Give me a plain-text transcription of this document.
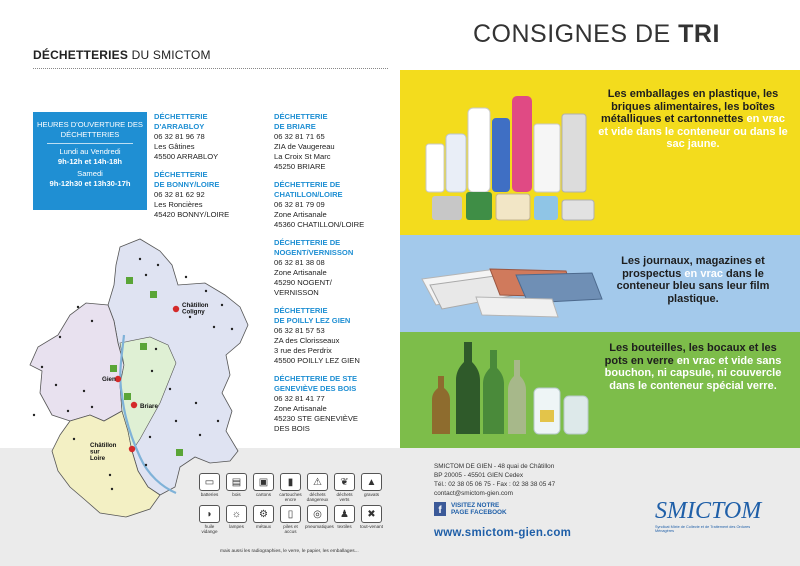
DÉCHETTERIES DU SMICTOM
HEURES D'OUVERTURE DES DÉCHETTERIES
Lundi au Vendredi
9h-12h et 14h-18h
Samedi
9h-12h30 et 13h30-17h
DÉCHETTERIE
D'ARRABLOY
06 32 81 96 78
Les Gâtines
45500 ARRABLOY
DÉCHETTERIE
DE BONNY/LOIRE
06 32 81 62 92
Les Roncières
45420 BONNY/LOIRE
DÉCHETTERIE
DE BRIARE
06 32 81 71 65
ZIA de Vaugereau
La Croix St Marc
45250 BRIARE
DÉCHETTERIE DE
CHATILLON/LOIRE
06 32 81 79 09
Zone Artisanale
45360 CHATILLON/LOIRE
DÉCHETTERIE DE
NOGENT/VERNISSON
06 32 81 38 08
Zone Artisanale
45290 NOGENT/
VERNISSON
DÉCHETTERIE
DE POILLY LEZ GIEN
06 32 81 57 53
ZA des Clorisseaux
3 rue des Perdrix
45500 POILLY LEZ GIEN
DÉCHETTERIE DE STE
GENEVIÈVE DES BOIS
06 32 81 41 77
Zone Artisanale
45230 STE GENEVIÈVE
DES BOIS
Châtillon Coligny
Gien
Briare
Châtillon sur Loire
▭
batteries
▤
bois
▣
cartons
▮
cartouches encre
⚠
déchets dangereux
❦
déchets verts
▲
gravats
◗
huile vidange
☼
lampes
⚙
métaux
▯
piles et accus
◎
pneumatiques
♟
textiles
✖
tout-venant
mais aussi les radiographies, le verre, le papier, les emballages...
CONSIGNES DE TRI
Les emballages en plastique, les briques alimentaires, les boîtes métalliques et cartonnettes en vrac et vide dans le conteneur ou dans le sac jaune.
Les journaux, magazines et prospectus en vrac dans le conteneur bleu sans leur film plastique.
Les bouteilles, les bocaux et les pots en verre en vrac et vide sans bouchon, ni capsule, ni couvercle dans le conteneur spécial verre.
SMICTOM DE GIEN - 48 quai de Châtillon
BP 20005 - 45501 GIEN Cedex
Tél.: 02 38 05 06 75 - Fax : 02 38 38 05 47
contact@smictom-gien.com
f	VISITEZ NOTRE
PAGE FACEBOOK
www.smictom-gien.com
SMICTOM
Syndicat Mixte de Collecte et de Traitement des Ordures Ménagères
